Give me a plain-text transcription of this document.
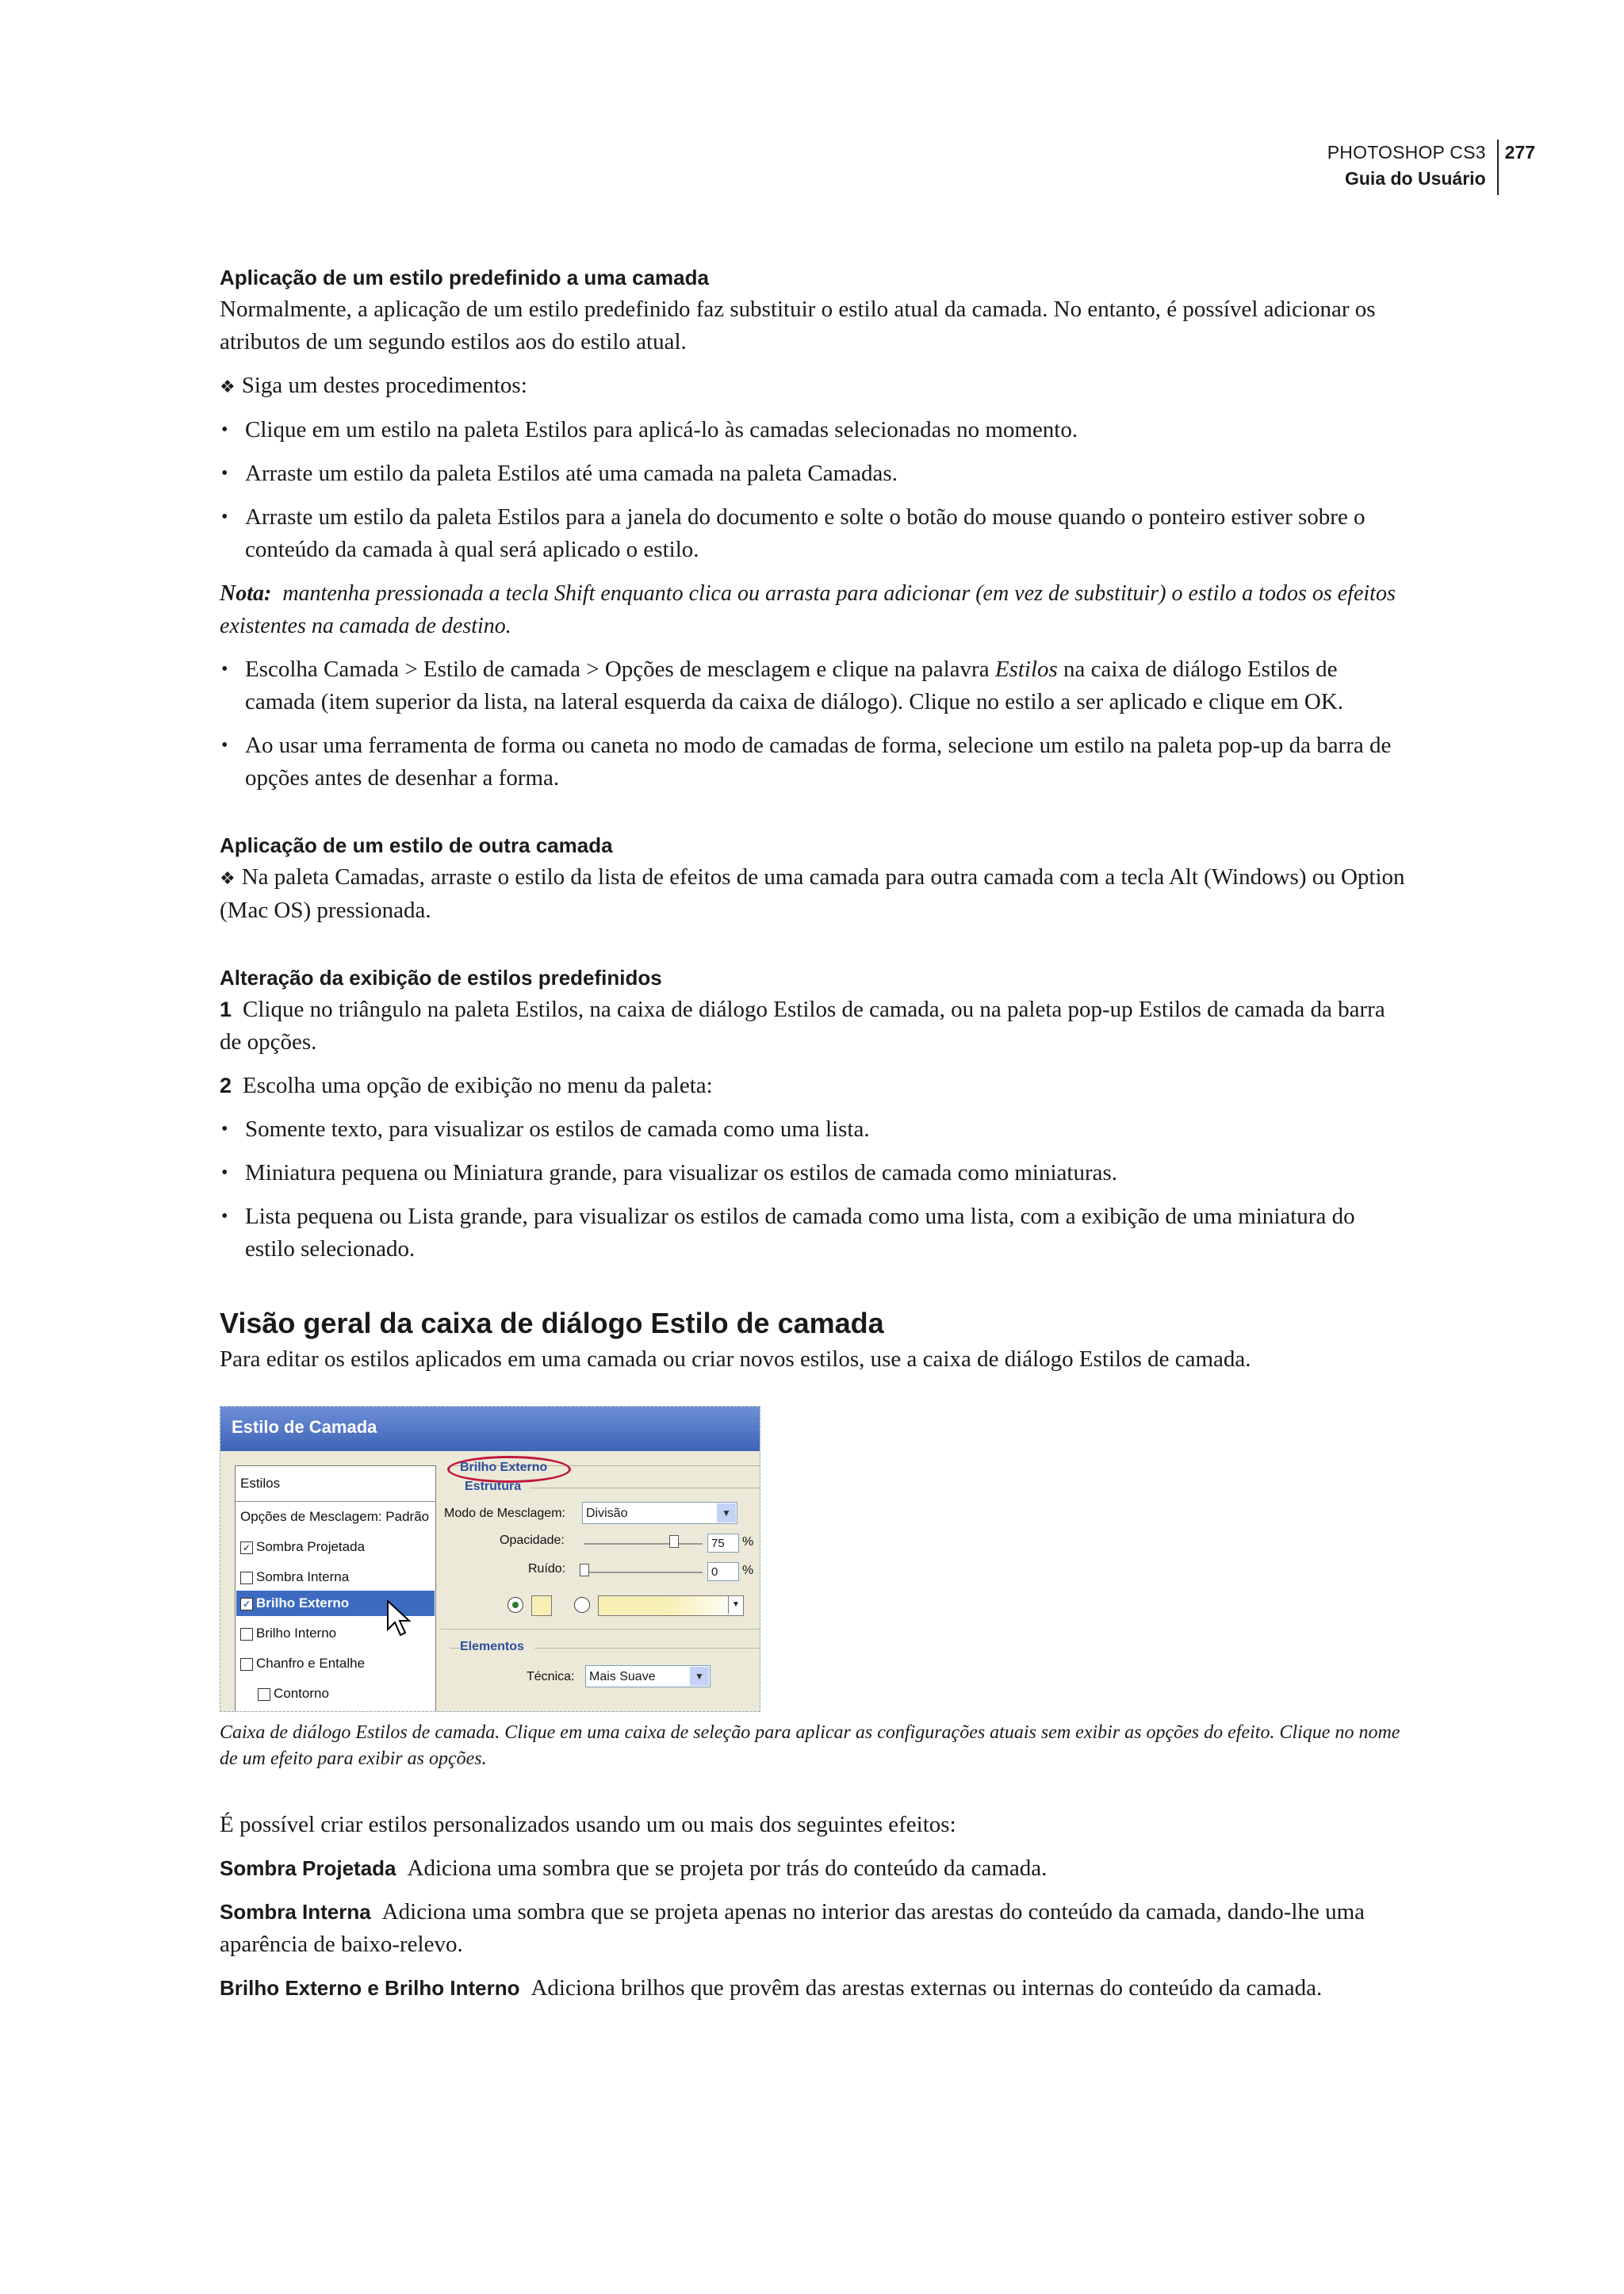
PHOTOSHOP CS3
Guia do Usuário
277
Aplicação de um estilo predefinido a uma camada

Normalmente, a aplicação de um estilo predefinido faz substituir o estilo atual da camada. No entanto, é possível adicionar os atributos de um segundo estilos aos do estilo atual.

❖ Siga um destes procedimentos:

• Clique em um estilo na paleta Estilos para aplicá-lo às camadas selecionadas no momento.
• Arraste um estilo da paleta Estilos até uma camada na paleta Camadas.
• Arraste um estilo da paleta Estilos para a janela do documento e solte o botão do mouse quando o ponteiro estiver sobre o conteúdo da camada à qual será aplicado o estilo.
Nota: mantenha pressionada a tecla Shift enquanto clica ou arrasta para adicionar (em vez de substituir) o estilo a todos os efeitos existentes na camada de destino.
• Escolha Camada > Estilo de camada > Opções de mesclagem e clique na palavra Estilos na caixa de diálogo Estilos de camada (item superior da lista, na lateral esquerda da caixa de diálogo). Clique no estilo a ser aplicado e clique em OK.
• Ao usar uma ferramenta de forma ou caneta no modo de camadas de forma, selecione um estilo na paleta pop-up da barra de opções antes de desenhar a forma.
Aplicação de um estilo de outra camada

❖ Na paleta Camadas, arraste o estilo da lista de efeitos de uma camada para outra camada com a tecla Alt (Windows) ou Option (Mac OS) pressionada.

Alteração da exibição de estilos predefinidos

1 Clique no triângulo na paleta Estilos, na caixa de diálogo Estilos de camada, ou na paleta pop-up Estilos de camada da barra de opções.

2 Escolha uma opção de exibição no menu da paleta:

• Somente texto, para visualizar os estilos de camada como uma lista.
• Miniatura pequena ou Miniatura grande, para visualizar os estilos de camada como miniaturas.
• Lista pequena ou Lista grande, para visualizar os estilos de camada como uma lista, com a exibição de uma miniatura do estilo selecionado.
Visão geral da caixa de diálogo Estilo de camada

Para editar os estilos aplicados em uma camada ou criar novos estilos, use a caixa de diálogo Estilos de camada.

Estilo de Camada
Estilos
Opções de Mesclagem: Padrão
✓ Sombra Projetada
Sombra Interna
✓ Brilho Externo
Brilho Interno
Chanfro e Entalhe
Contorno
Brilho Externo
Estrutura
Modo de Mesclagem:	Divisão	▼
Opacidade:	75	%
Ruído:	0	%
▼
Elementos
Técnica:	Mais Suave	▼
Caixa de diálogo Estilos de camada. Clique em uma caixa de seleção para aplicar as configurações atuais sem exibir as opções do efeito. Clique no nome de um efeito para exibir as opções.

É possível criar estilos personalizados usando um ou mais dos seguintes efeitos:

Sombra Projetada Adiciona uma sombra que se projeta por trás do conteúdo da camada.

Sombra Interna Adiciona uma sombra que se projeta apenas no interior das arestas do conteúdo da camada, dando-lhe uma aparência de baixo-relevo.

Brilho Externo e Brilho Interno Adiciona brilhos que provêm das arestas externas ou internas do conteúdo da camada.
